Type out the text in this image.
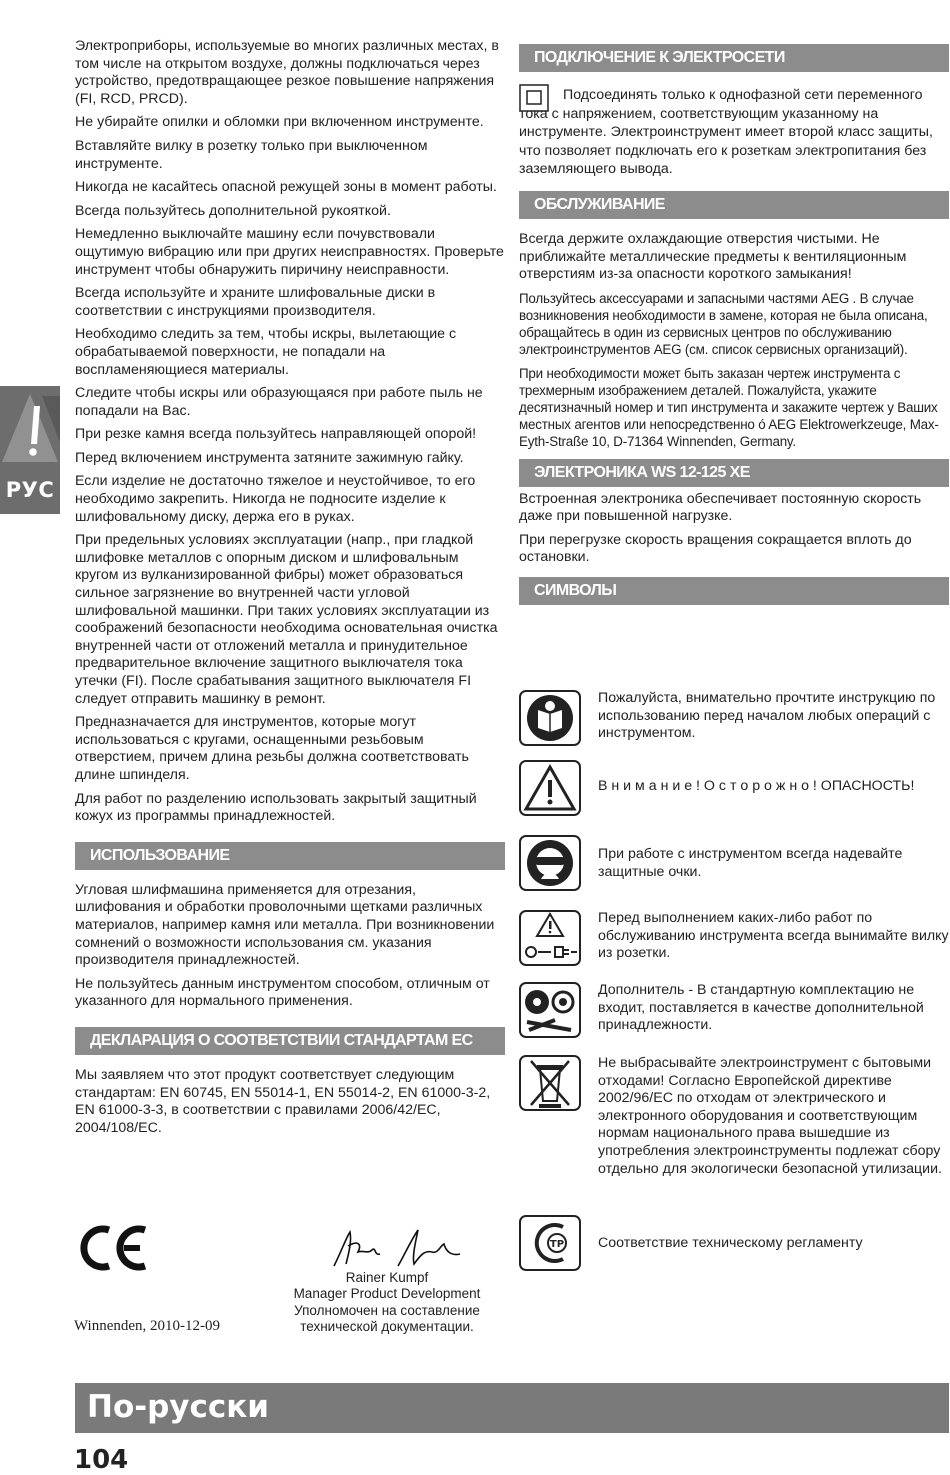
РУС

Электроприборы, используемые во многих различных местах, в том числе на открытом воздухе, должны подключаться через устройство, предотвращающее резкое повышение напряжения (FI, RCD, PRCD).

Не убирайте опилки и обломки при включенном инструменте.

Вставляйте вилку в розетку только при выключенном инструменте.

Никогда не касайтесь опасной режущей зоны в момент работы.

Всегда пользуйтесь дополнительной рукояткой.

Немедленно выключайте машину если почувствовали ощутимую вибрацию или при других неисправностях. Проверьте инструмент чтобы обнаружить пиричину неисправности.

Всегда используйте и храните шлифовальные диски в соответствии с инструкциями производителя.

Необходимо следить за тем, чтобы искры, вылетающие с обрабатываемой поверхности, не попадали на воспламеняющиеся материалы.

Следите чтобы искры или образующаяся при работе пыль не попадали на Вас.

При резке камня всегда пользуйтесь направляющей опорой!

Перед включением инструмента затяните зажимную гайку.

Если изделие не достаточно тяжелое и неустойчивое, то его необходимо закрепить. Никогда не подносите изделие к шлифовальному диску, держа его в руках.

При предельных условиях эксплуатации (напр., при гладкой шлифовке металлов с опорным диском и шлифовальным кругом из вулканизированной фибры) может образоваться сильное загрязнение во внутренней части угловой шлифовальной машинки. При таких условиях эксплуатации из соображений безопасности необходима основательная очистка внутренней части от отложений металла и принудительное предварительное включение защитного выключателя тока утечки (FI). После срабатывания защитного выключателя FI следует отправить машинку в ремонт.

Предназначается для инструментов, которые могут использоваться с кругами, оснащенными резьбовым отверстием, причем длина резьбы должна соответствовать длине шпинделя.

Для работ по разделению использовать закрытый защитный кожух из программы принадлежностей.

ИСПОЛЬЗОВАНИЕ

Угловая шлифмашина применяется для отрезания, шлифования и обработки проволочными щетками различных материалов, например камня или металла. При возникновении сомнений о возможности использования см. указания производителя принадлежностей.

Не пользуйтесь данным инструментом способом, отличным от указанного для нормального применения.

ДЕКЛАРАЦИЯ О СООТВЕТСТВИИ СТАНДАРТАМ ЕС

Мы заявляем что этот продукт соответствует следующим стандартам: EN 60745, EN 55014-1, EN 55014-2, EN 61000-3-2, EN 61000-3-3, в соответствии с правилами 2006/42/EC, 2004/108/EC.

Rainer Kumpf
Manager Product Development
Уполномочен на составление
технической документации.
Winnenden, 2010-12-09
ПОДКЛЮЧЕНИЕ К ЭЛЕКТРОСЕТИ

Подсоединять только к однофазной сети переменного тока с напряжением, соответствующим указанному на инструменте. Электроинструмент имеет второй класс защиты, что позволяет подключать его к розеткам электропитания без заземляющего вывода.

ОБСЛУЖИВАНИЕ

Всегда держите охлаждающие отверстия чистыми. Не приближайте металлические предметы к вентиляционным отверстиям из-за опасности короткого замыкания!

Пользуйтесь аксессуарами и запасными частями AEG . В случае возникновения необходимости в замене, которая не была описана, обращайтесь в один из сервисных центров по обслуживанию электроинструментов AEG (см. список сервисных организаций).

При необходимости может быть заказан чертеж инструмента с трехмерным изображением деталей. Пожалуйста, укажите десятизначный номер и тип инструмента и закажите чертеж у Ваших местных агентов или непосредственно ó AEG Elektrowerkzeuge, Max-Eyth-Straße 10, D-71364 Winnenden, Germany.

ЭЛЕКТРОНИКА WS 12-125 XE

Встроенная электроника обеспечивает постоянную скорость даже при повышенной нагрузке.

При перегрузке скорость вращения сокращается вплоть до остановки.

СИМВОЛЫ
Пожалуйста, внимательно прочтите инструкцию по использованию перед началом любых операций с инструментом.
В н и м а н и е ! О с т о р о ж н о ! ОПАСНОСТЬ!
При работе с инструментом всегда надевайте защитные очки.
Перед выполнением каких-либо работ по обслуживанию инструмента всегда вынимайте вилку из розетки.
Дополнитель - В стандартную комплектацию не входит, поставляется в качестве дополнительной принадлежности.
Не выбрасывайте электроинструмент с бытовыми отходами! Согласно Европейской директиве 2002/96/ЕС по отходам от электрического и электронного оборудования и соответствующим нормам национального права вышедшие из употребления электроинструменты подлежат сбору отдельно для экологически безопасной утилизации.
ТР Соответствие техническому регламенту
По-русски
104
